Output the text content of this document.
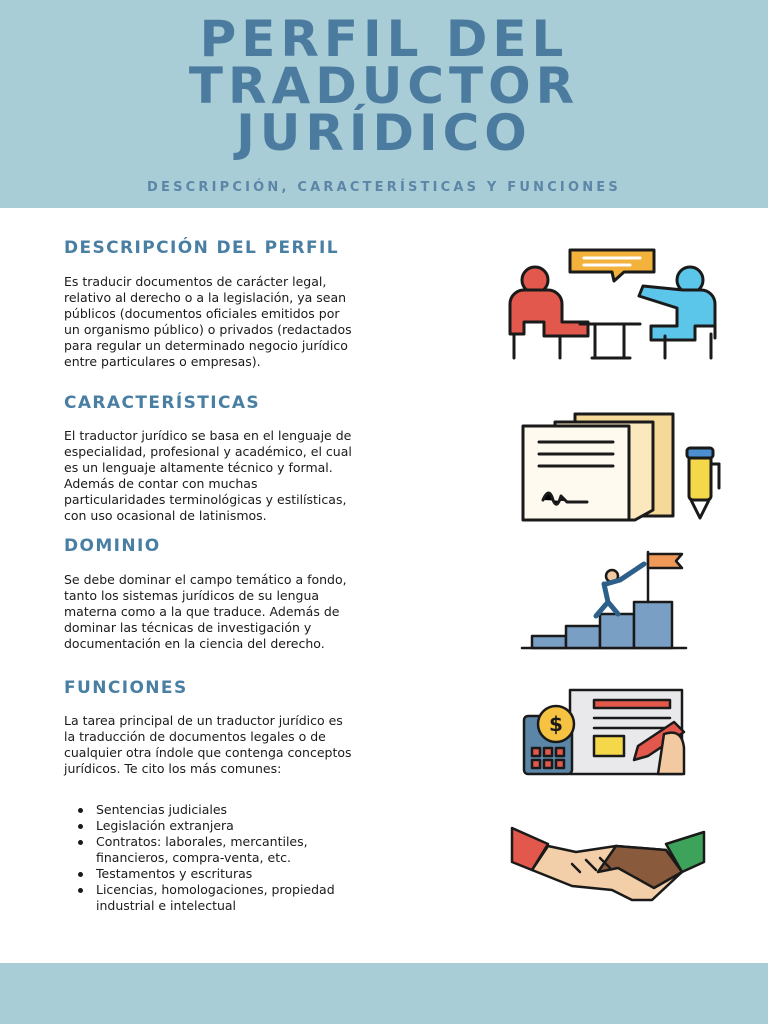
PERFIL DEL
TRADUCTOR
JURÍDICO
DESCRIPCIÓN, CARACTERÍSTICAS Y FUNCIONES
DESCRIPCIÓN DEL PERFIL
Es traducir documentos de carácter legal,
relativo al derecho o a la legislación, ya sean
públicos (documentos oficiales emitidos por
un organismo público) o privados (redactados
para regular un determinado negocio jurídico
entre particulares o empresas).
CARACTERÍSTICAS
El traductor jurídico se basa en el lenguaje de
especialidad, profesional y académico, el cual
es un lenguaje altamente técnico y formal.
Además de contar con muchas
particularidades terminológicas y estilísticas,
con uso ocasional de latinismos.
DOMINIO
Se debe dominar el campo temático a fondo,
tanto los sistemas jurídicos de su lengua
materna como a la que traduce. Además de
dominar las técnicas de investigación y
documentación en la ciencia del derecho.
FUNCIONES
La tarea principal de un traductor jurídico es
la traducción de documentos legales o de
cualquier otra índole que contenga conceptos
jurídicos. Te cito los más comunes:
Sentencias judiciales
Legislación extranjera
Contratos: laborales, mercantiles,
financieros, compra-venta, etc.
Testamentos y escrituras
Licencias, homologaciones, propiedad
industrial e intelectual
$
